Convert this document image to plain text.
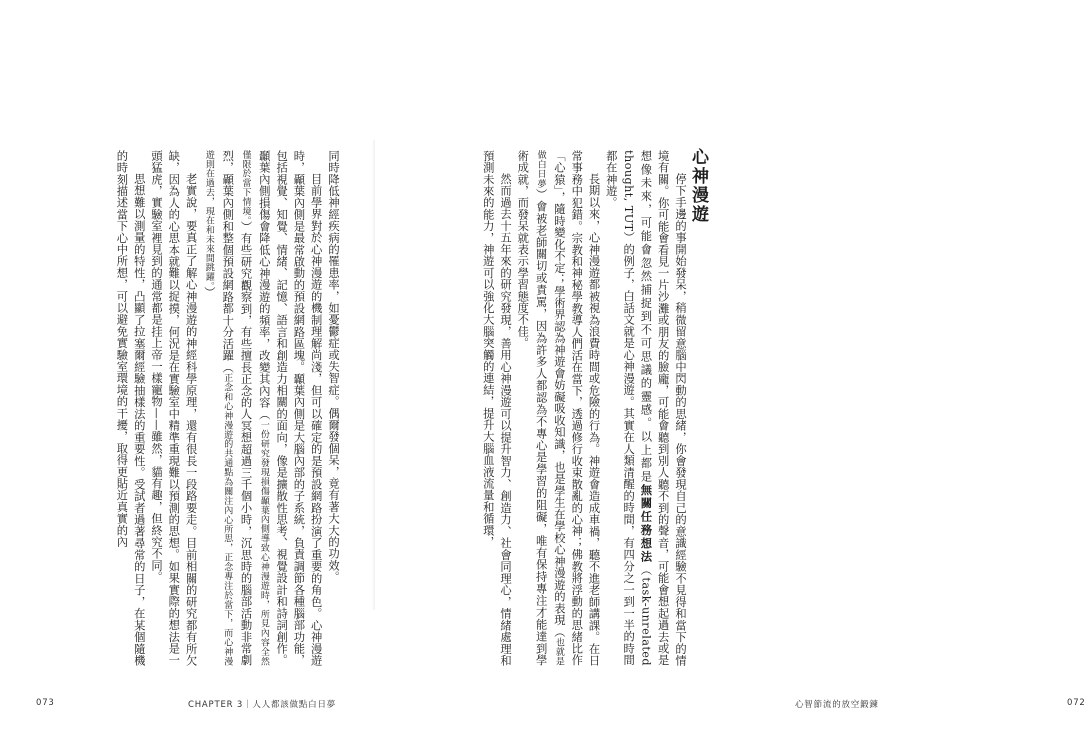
同時降低神經疾病的罹患率，如憂鬱症或失智症。偶爾發個呆，竟有著大大的功效。

目前學界對於心神漫遊的機制理解尚淺，但可以確定的是預設網路扮演了重要的角色。心神漫遊時，顳葉內側是最常啟動的預設網路區塊。顳葉內側是大腦內部的子系統，負責調節各種腦部功能，包括視覺、知覺、情緒、記憶、語言和創造力相關的面向，像是擴散性思考、視覺設計和詩詞創作。顳葉內側損傷會降低心神漫遊的頻率，改變其內容（一份研究發現損傷顳葉內側導致心神漫遊時，所見內容全然僅限於當下情境。）有些研究觀察到，有些擅長正念的人冥想超過三千個小時，沉思時的腦部活動非常劇烈，顳葉內側和整個預設網路都十分活躍（正念和心神漫遊的共通點為關注內心所思，正念專注於當下，而心神漫遊則在過去，現在和未來間跳躍。）

老實說，要真正了解心神漫遊的神經科學原理，還有很長一段路要走。目前相關的研究都有所欠缺，因為人的心思本就難以捉摸，何況是在實驗室中精準重現難以預測的思想。如果實際的想法是一頭猛虎，實驗室裡見到的通常都是挂上帝一樣寵物——雖然，貓有趣，但終究不同。

思想難以測量的特性，凸顯了拉塞爾經驗抽樣法的重要性。受試者過著尋常的日子，在某個隨機的時刻描述當下心中所想，可以避免實驗室環境的干擾，取得更貼近真實的內

073	CHAPTER 3｜人人都該做點白日夢

停下手邊的事開始發呆，稍微留意腦中閃動的思緒，你會發現自己的意識經驗不見得和當下的情境有關。你可能會看見一片沙灘或朋友的臉龐，可能會聽到別人聽不到的聲音，可能會想起過去或是想像未來，可能會忽然捕捉到不可思議的靈感。以上都是無關任務想法（task-unrelated thought, TUT）的例子，白話文就是心神漫遊。其實在人類清醒的時間，有四分之一到一半的時間都在神遊。

長期以來，心神漫遊都被視為浪費時間或危險的行為。神遊會造成車禍，聽不進老師講課。在日常事務中犯錯。宗教和神秘學教導人們活在當下，透過修行收束散亂的心神；佛教將浮動的思緒比作「心猿」，隨時變化不定；學術界認為神遊會妨礙吸收知識，也是學生在學校心神漫遊的表現（也就是做白日夢）會被老師關切或責罵，因為許多人都認為不專心是學習的阻礙，唯有保持專注才能達到學術成就，而發呆就表示學習態度不佳。

然而過去十五年來的研究發現，善用心神漫遊可以提升智力、創造力、社會同理心，情緒處理和預測未來的能力，神遊可以強化大腦突觸的連結，提升大腦血液流量和循環，

心智節流的放空鍛鍊	072
心神漫遊
